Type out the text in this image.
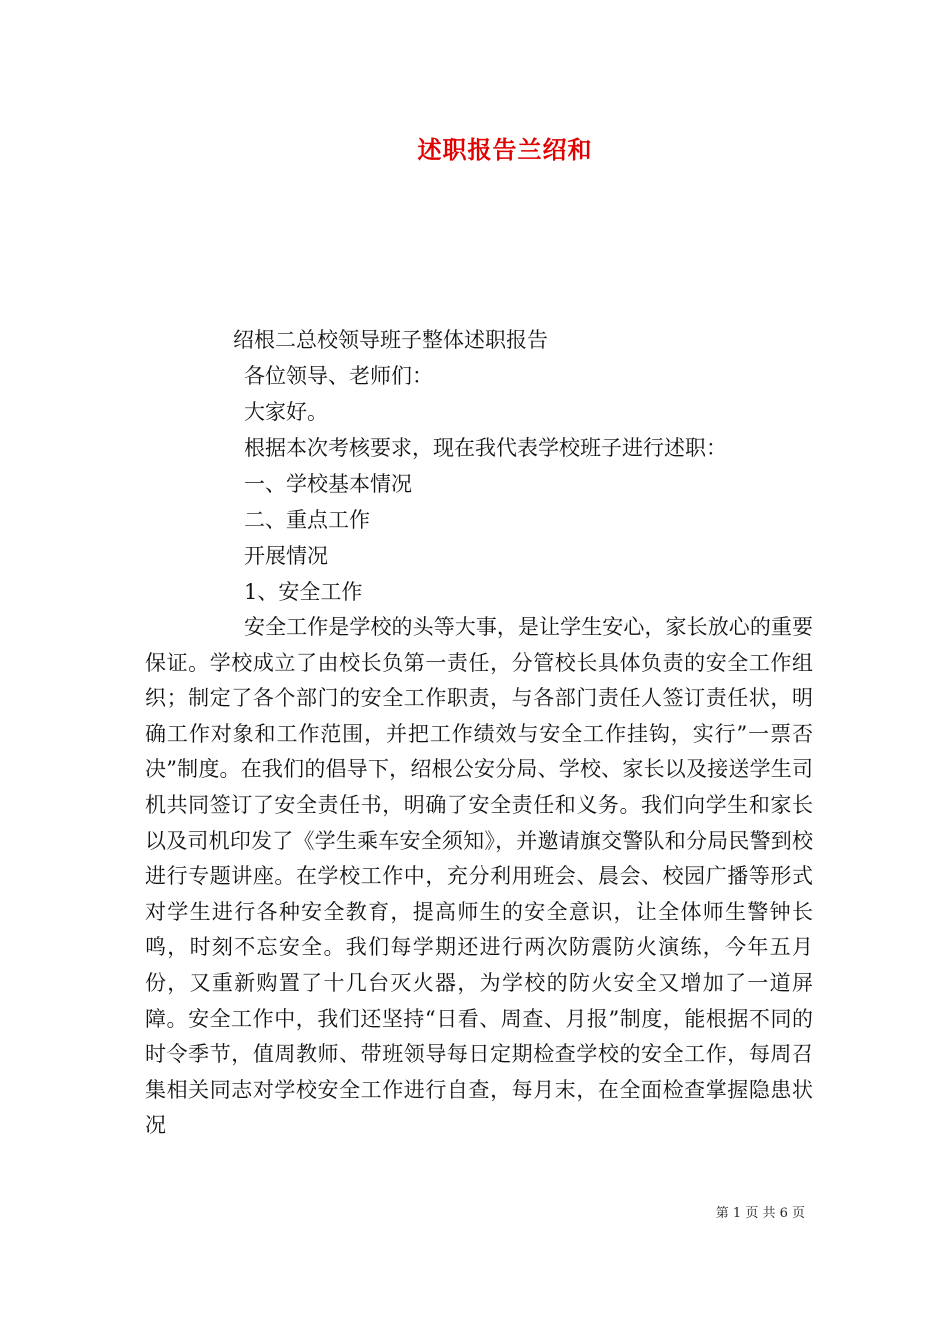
述职报告兰绍和

绍根二总校领导班子整体述职报告

各位领导、老师们：

大家好。

根据本次考核要求，现在我代表学校班子进行述职：

一、学校基本情况

二、重点工作

开展情况

1、安全工作

安全工作是学校的头等大事，是让学生安心，家长放心的重要保证。学校成立了由校长负第一责任，分管校长具体负责的安全工作组织；制定了各个部门的安全工作职责，与各部门责任人签订责任状，明确工作对象和工作范围，并把工作绩效与安全工作挂钩，实行”一票否决”制度。在我们的倡导下，绍根公安分局、学校、家长以及接送学生司机共同签订了安全责任书，明确了安全责任和义务。我们向学生和家长以及司机印发了《学生乘车安全须知》，并邀请旗交警队和分局民警到校进行专题讲座。在学校工作中，充分利用班会、晨会、校园广播等形式对学生进行各种安全教育，提高师生的安全意识，让全体师生警钟长鸣，时刻不忘安全。我们每学期还进行两次防震防火演练，今年五月份，又重新购置了十几台灭火器，为学校的防火安全又增加了一道屏障。安全工作中，我们还坚持“日看、周查、月报”制度，能根据不同的时令季节，值周教师、带班领导每日定期检查学校的安全工作，每周召集相关同志对学校安全工作进行自查，每月末，在全面检查掌握隐患状况

第 1 页 共 6 页
